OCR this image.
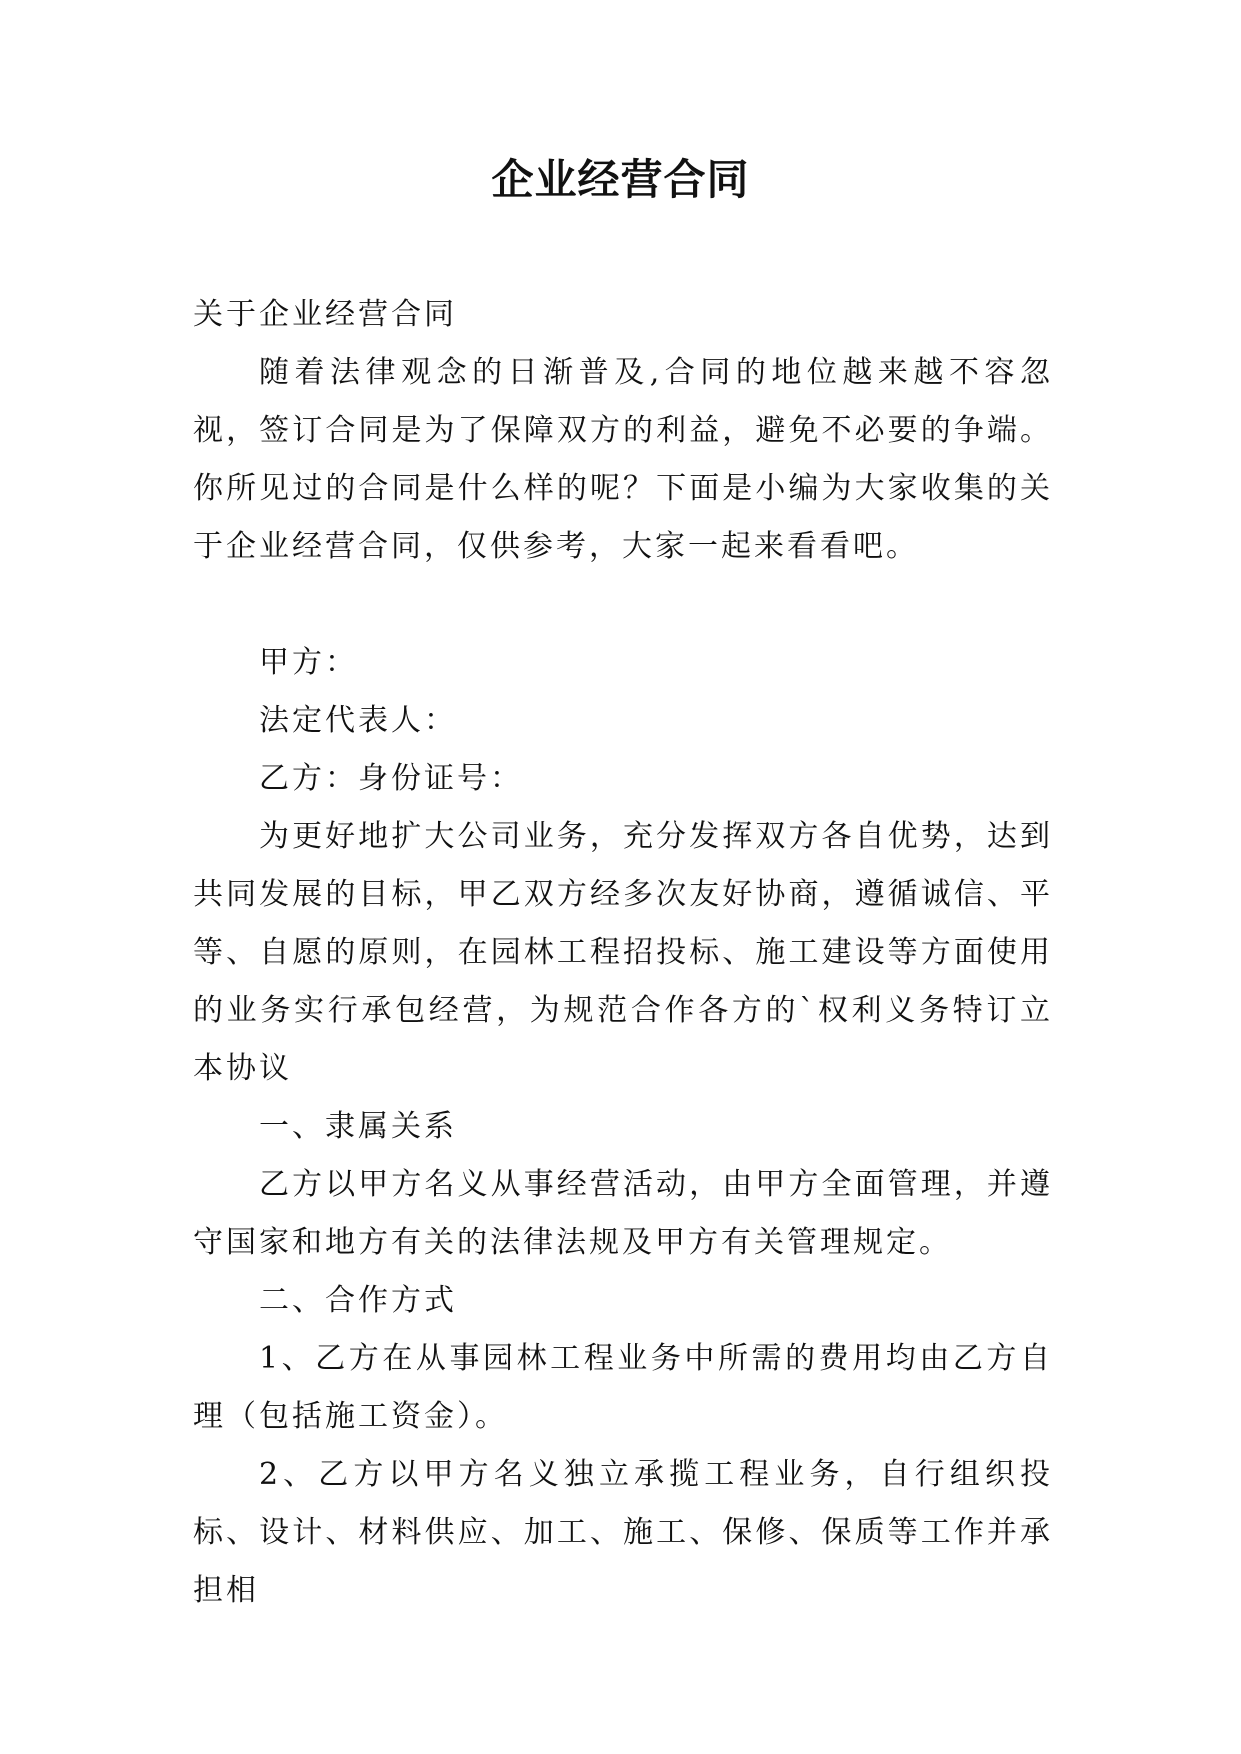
企业经营合同

关于企业经营合同

随着法律观念的日渐普及,合同的地位越来越不容忽视，签订合同是为了保障双方的利益，避免不必要的争端。你所见过的合同是什么样的呢？下面是小编为大家收集的关于企业经营合同，仅供参考，大家一起来看看吧。

甲方：

法定代表人：

乙方：身份证号：

为更好地扩大公司业务，充分发挥双方各自优势，达到共同发展的目标，甲乙双方经多次友好协商，遵循诚信、平等、自愿的原则，在园林工程招投标、施工建设等方面使用的业务实行承包经营，为规范合作各方的`权利义务特订立本协议

一、隶属关系

乙方以甲方名义从事经营活动，由甲方全面管理，并遵守国家和地方有关的法律法规及甲方有关管理规定。

二、合作方式

1、乙方在从事园林工程业务中所需的费用均由乙方自理（包括施工资金）。

2、乙方以甲方名义独立承揽工程业务，自行组织投标、设计、材料供应、加工、施工、保修、保质等工作并承担相
